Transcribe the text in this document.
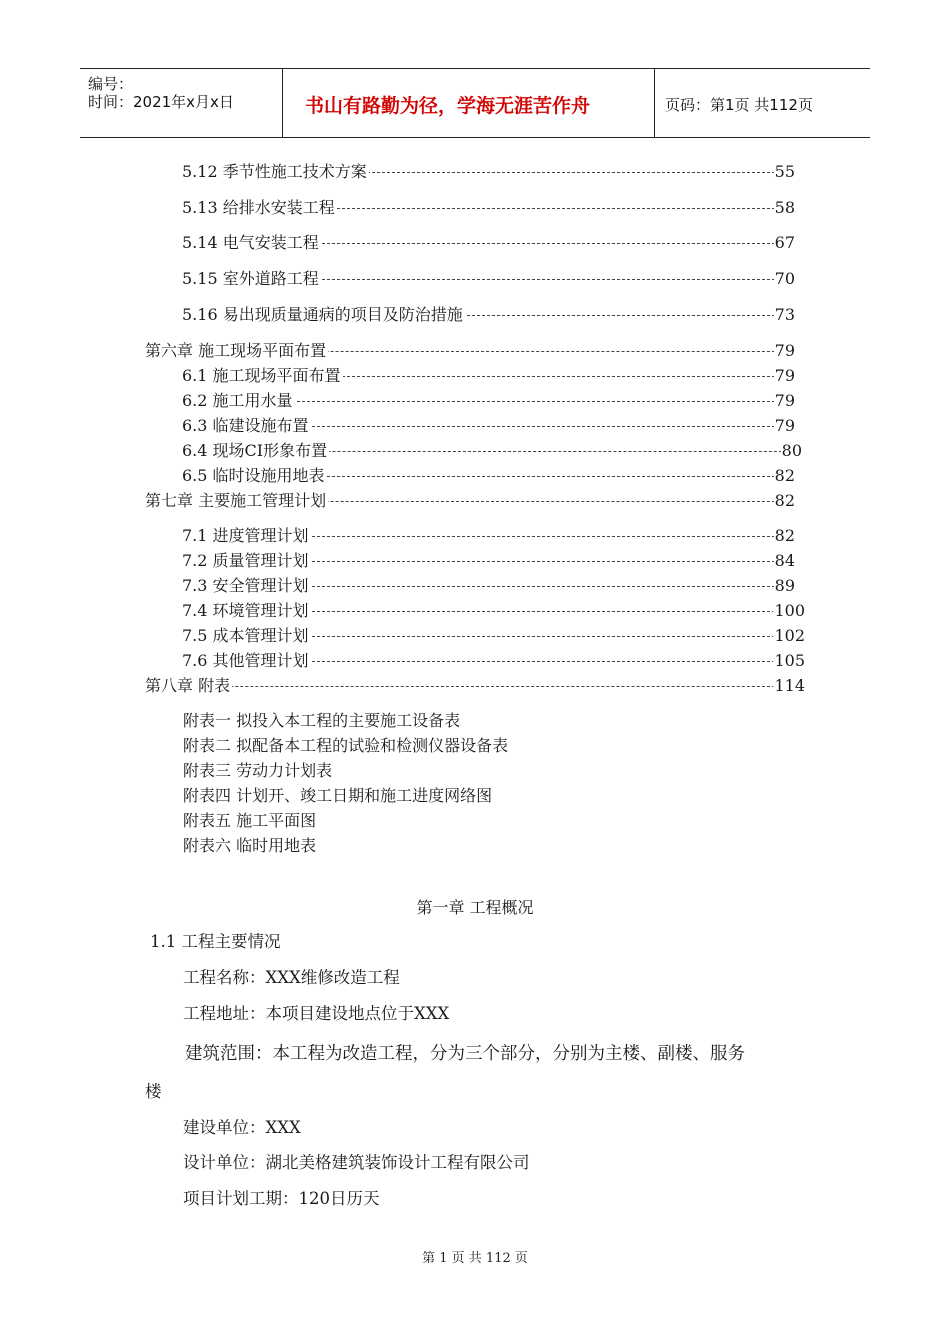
编号：
时间：2021年x月x日	书山有路勤为径，学海无涯苦作舟	页码：第1页 共112页
5.12 季节性施工技术方案	55
5.13 给排水安装工程	58
5.14 电气安装工程	67
5.15 室外道路工程	70
5.16 易出现质量通病的项目及防治措施	73
第六章 施工现场平面布置	79
6.1 施工现场平面布置	79
6.2 施工用水量	79
6.3 临建设施布置	79
6.4 现场CI形象布置	80
6.5 临时设施用地表	82
第七章 主要施工管理计划	82
7.1 进度管理计划	82
7.2 质量管理计划	84
7.3 安全管理计划	89
7.4 环境管理计划	100
7.5 成本管理计划	102
7.6 其他管理计划	105
第八章 附表	114
附表一 拟投入本工程的主要施工设备表
附表二 拟配备本工程的试验和检测仪器设备表
附表三 劳动力计划表
附表四 计划开、竣工日期和施工进度网络图
附表五 施工平面图
附表六 临时用地表
第一章 工程概况
1.1 工程主要情况
工程名称：XXX维修改造工程
工程地址：本项目建设地点位于XXX
建筑范围：本工程为改造工程，分为三个部分，分别为主楼、副楼、服务
楼
建设单位：XXX
设计单位：湖北美格建筑装饰设计工程有限公司
项目计划工期：120日历天
第 1 页 共 112 页
